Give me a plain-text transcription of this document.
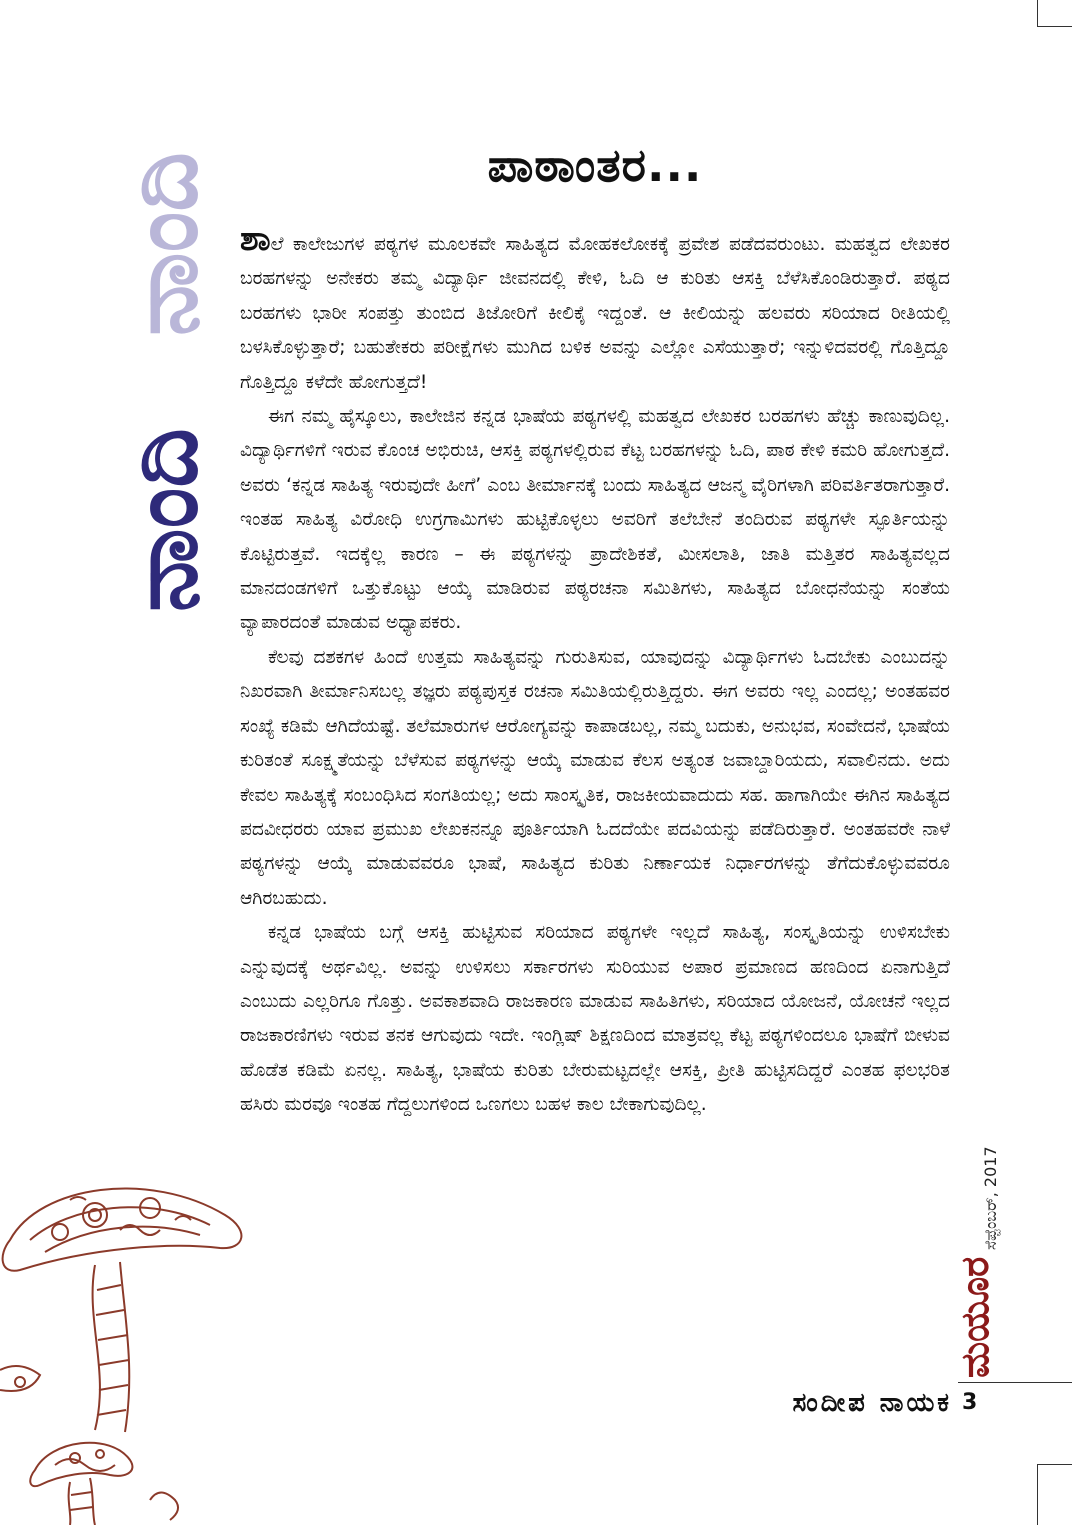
ನಾಂದಿ
ನಾಂದಿ
ಪಾಠಾಂತರ...

ಶಾಲೆ ಕಾಲೇಜುಗಳ ಪಠ್ಯಗಳ ಮೂಲಕವೇ ಸಾಹಿತ್ಯದ ಮೋಹಕಲೋಕಕ್ಕೆ ಪ್ರವೇಶ ಪಡೆದವರುಂಟು. ಮಹತ್ವದ ಲೇಖಕರ ಬರಹಗಳನ್ನು ಅನೇಕರು ತಮ್ಮ ವಿದ್ಯಾರ್ಥಿ ಜೀವನದಲ್ಲಿ ಕೇಳಿ, ಓದಿ ಆ ಕುರಿತು ಆಸಕ್ತಿ ಬೆಳೆಸಿಕೊಂಡಿರುತ್ತಾರೆ. ಪಠ್ಯದ ಬರಹಗಳು ಭಾರೀ ಸಂಪತ್ತು ತುಂಬಿದ ತಿಜೋರಿಗೆ ಕೀಲಿಕೈ ಇದ್ದಂತೆ. ಆ ಕೀಲಿಯನ್ನು ಹಲವರು ಸರಿಯಾದ ರೀತಿಯಲ್ಲಿ ಬಳಸಿಕೊಳ್ಳುತ್ತಾರೆ; ಬಹುತೇಕರು ಪರೀಕ್ಷೆಗಳು ಮುಗಿದ ಬಳಿಕ ಅವನ್ನು ಎಲ್ಲೋ ಎಸೆಯುತ್ತಾರೆ; ಇನ್ನುಳಿದವರಲ್ಲಿ ಗೊತ್ತಿದ್ದೂ ಗೊತ್ತಿದ್ದೂ ಕಳೆದೇ ಹೋಗುತ್ತದೆ!

ಈಗ ನಮ್ಮ ಹೈಸ್ಕೂಲು, ಕಾಲೇಜಿನ ಕನ್ನಡ ಭಾಷೆಯ ಪಠ್ಯಗಳಲ್ಲಿ ಮಹತ್ವದ ಲೇಖಕರ ಬರಹಗಳು ಹೆಚ್ಚು ಕಾಣುವುದಿಲ್ಲ. ವಿದ್ಯಾರ್ಥಿಗಳಿಗೆ ಇರುವ ಕೊಂಚ ಅಭಿರುಚಿ, ಆಸಕ್ತಿ ಪಠ್ಯಗಳಲ್ಲಿರುವ ಕೆಟ್ಟ ಬರಹಗಳನ್ನು ಓದಿ, ಪಾಠ ಕೇಳಿ ಕಮರಿ ಹೋಗುತ್ತದೆ. ಅವರು ‘ಕನ್ನಡ ಸಾಹಿತ್ಯ ಇರುವುದೇ ಹೀಗೆ’ ಎಂಬ ತೀರ್ಮಾನಕ್ಕೆ ಬಂದು ಸಾಹಿತ್ಯದ ಆಜನ್ಮ ವೈರಿಗಳಾಗಿ ಪರಿವರ್ತಿತರಾಗುತ್ತಾರೆ. ಇಂತಹ ಸಾಹಿತ್ಯ ವಿರೋಧಿ ಉಗ್ರಗಾಮಿಗಳು ಹುಟ್ಟಿಕೊಳ್ಳಲು ಅವರಿಗೆ ತಲೆಬೇನೆ ತಂದಿರುವ ಪಠ್ಯಗಳೇ ಸ್ಫೂರ್ತಿಯನ್ನು ಕೊಟ್ಟಿರುತ್ತವೆ. ಇದಕ್ಕೆಲ್ಲ ಕಾರಣ – ಈ ಪಠ್ಯಗಳನ್ನು ಪ್ರಾದೇಶಿಕತೆ, ಮೀಸಲಾತಿ, ಜಾತಿ ಮತ್ತಿತರ ಸಾಹಿತ್ಯವಲ್ಲದ ಮಾನದಂಡಗಳಿಗೆ ಒತ್ತುಕೊಟ್ಟು ಆಯ್ಕೆ ಮಾಡಿರುವ ಪಠ್ಯರಚನಾ ಸಮಿತಿಗಳು, ಸಾಹಿತ್ಯದ ಬೋಧನೆಯನ್ನು ಸಂತೆಯ ವ್ಯಾಪಾರದಂತೆ ಮಾಡುವ ಅಧ್ಯಾಪಕರು.

ಕೆಲವು ದಶಕಗಳ ಹಿಂದೆ ಉತ್ತಮ ಸಾಹಿತ್ಯವನ್ನು ಗುರುತಿಸುವ, ಯಾವುದನ್ನು ವಿದ್ಯಾರ್ಥಿಗಳು ಓದಬೇಕು ಎಂಬುದನ್ನು ನಿಖರವಾಗಿ ತೀರ್ಮಾನಿಸಬಲ್ಲ ತಜ್ಞರು ಪಠ್ಯಪುಸ್ತಕ ರಚನಾ ಸಮಿತಿಯಲ್ಲಿರುತ್ತಿದ್ದರು. ಈಗ ಅವರು ಇಲ್ಲ ಎಂದಲ್ಲ; ಅಂತಹವರ ಸಂಖ್ಯೆ ಕಡಿಮೆ ಆಗಿದೆಯಷ್ಟೆ. ತಲೆಮಾರುಗಳ ಆರೋಗ್ಯವನ್ನು ಕಾಪಾಡಬಲ್ಲ, ನಮ್ಮ ಬದುಕು, ಅನುಭವ, ಸಂವೇದನೆ, ಭಾಷೆಯ ಕುರಿತಂತೆ ಸೂಕ್ಷ್ಮತೆಯನ್ನು ಬೆಳೆಸುವ ಪಠ್ಯಗಳನ್ನು ಆಯ್ಕೆ ಮಾಡುವ ಕೆಲಸ ಅತ್ಯಂತ ಜವಾಬ್ದಾರಿಯದು, ಸವಾಲಿನದು. ಅದು ಕೇವಲ ಸಾಹಿತ್ಯಕ್ಕೆ ಸಂಬಂಧಿಸಿದ ಸಂಗತಿಯಲ್ಲ; ಅದು ಸಾಂಸ್ಕೃತಿಕ, ರಾಜಕೀಯವಾದುದು ಸಹ. ಹಾಗಾಗಿಯೇ ಈಗಿನ ಸಾಹಿತ್ಯದ ಪದವೀಧರರು ಯಾವ ಪ್ರಮುಖ ಲೇಖಕನನ್ನೂ ಪೂರ್ತಿಯಾಗಿ ಓದದೆಯೇ ಪದವಿಯನ್ನು ಪಡೆದಿರುತ್ತಾರೆ. ಅಂತಹವರೇ ನಾಳೆ ಪಠ್ಯಗಳನ್ನು ಆಯ್ಕೆ ಮಾಡುವವರೂ ಭಾಷೆ, ಸಾಹಿತ್ಯದ ಕುರಿತು ನಿರ್ಣಾಯಕ ನಿರ್ಧಾರಗಳನ್ನು ತೆಗೆದುಕೊಳ್ಳುವವರೂ ಆಗಿರಬಹುದು.

ಕನ್ನಡ ಭಾಷೆಯ ಬಗ್ಗೆ ಆಸಕ್ತಿ ಹುಟ್ಟಿಸುವ ಸರಿಯಾದ ಪಠ್ಯಗಳೇ ಇಲ್ಲದೆ ಸಾಹಿತ್ಯ, ಸಂಸ್ಕೃತಿಯನ್ನು ಉಳಿಸಬೇಕು ಎನ್ನುವುದಕ್ಕೆ ಅರ್ಥವಿಲ್ಲ. ಅವನ್ನು ಉಳಿಸಲು ಸರ್ಕಾರಗಳು ಸುರಿಯುವ ಅಪಾರ ಪ್ರಮಾಣದ ಹಣದಿಂದ ಏನಾಗುತ್ತಿದೆ ಎಂಬುದು ಎಲ್ಲರಿಗೂ ಗೊತ್ತು. ಅವಕಾಶವಾದಿ ರಾಜಕಾರಣ ಮಾಡುವ ಸಾಹಿತಿಗಳು, ಸರಿಯಾದ ಯೋಜನೆ, ಯೋಚನೆ ಇಲ್ಲದ ರಾಜಕಾರಣಿಗಳು ಇರುವ ತನಕ ಆಗುವುದು ಇದೇ. ಇಂಗ್ಲಿಷ್ ಶಿಕ್ಷಣದಿಂದ ಮಾತ್ರವಲ್ಲ ಕೆಟ್ಟ ಪಠ್ಯಗಳಿಂದಲೂ ಭಾಷೆಗೆ ಬೀಳುವ ಹೊಡೆತ ಕಡಿಮೆ ಏನಲ್ಲ. ಸಾಹಿತ್ಯ, ಭಾಷೆಯ ಕುರಿತು ಬೇರುಮಟ್ಟದಲ್ಲೇ ಆಸಕ್ತಿ, ಪ್ರೀತಿ ಹುಟ್ಟಿಸದಿದ್ದರೆ ಎಂತಹ ಫಲಭರಿತ ಹಸಿರು ಮರವೂ ಇಂತಹ ಗೆದ್ದಲುಗಳಿಂದ ಒಣಗಲು ಬಹಳ ಕಾಲ ಬೇಕಾಗುವುದಿಲ್ಲ.

ಸಂದೀಪ ನಾಯಕ 3
ಮಯೂರ
ಸೆಪ್ಟೆಂಬರ್, 2017
